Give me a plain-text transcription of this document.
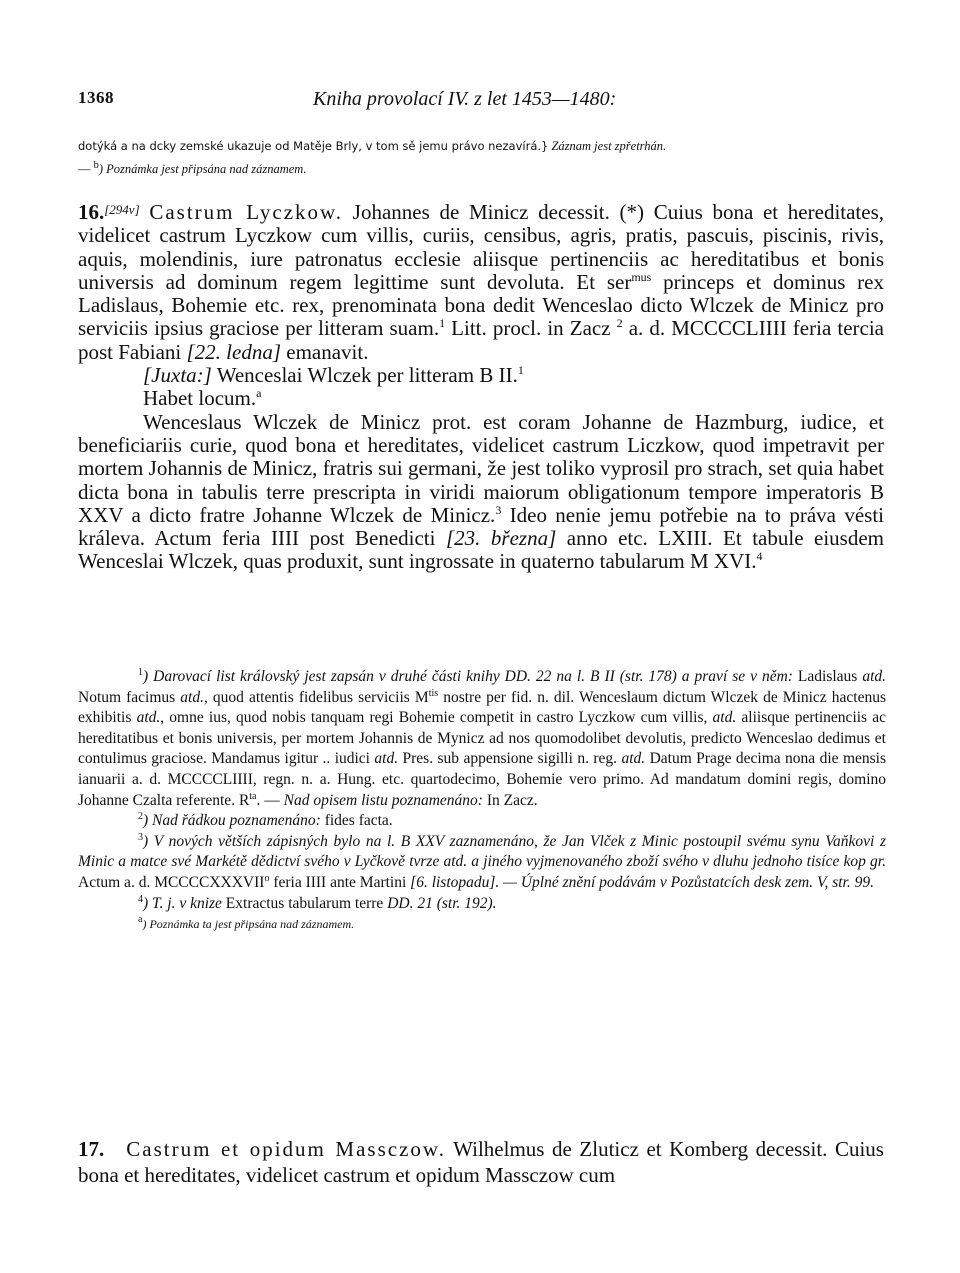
1368	Kniha provolací IV. z let 1453—1480:
dotýká a na dcky zemské ukazuje od Matěje Brly, v tom sě jemu právo nezavírá.} Záznam jest zpřetrhán.
— $^b$) Poznámka jest připsána nad záznamem.

16.[294v] Castrum Lyczkow. Johannes de Minicz decessit. (*) Cuius bona et hereditates, videlicet castrum Lyczkow cum villis, curiis, censibus, agris, pratis, pascuis, piscinis, rivis, aquis, molendinis, iure patronatus ecclesie aliisque pertinenciis ac hereditatibus et bonis universis ad dominum regem legittime sunt devoluta. Et ser$^{mus}$ princeps et dominus rex Ladislaus, Bohemie etc. rex, prenominata bona dedit Wenceslao dicto Wlczek de Minicz pro serviciis ipsius graciose per litteram suam.$^1$ Litt. procl. in Zacz $^2$ a. d. MCCCCLIIII feria tercia post Fabiani [22. ledna] emanavit.

[Juxta:] Wenceslai Wlczek per litteram B II.$^1$

Habet locum.$^a$

Wenceslaus Wlczek de Minicz prot. est coram Johanne de Hazmburg, iudice, et beneficiariis curie, quod bona et hereditates, videlicet castrum Liczkow, quod impetravit per mortem Johannis de Minicz, fratris sui germani, že jest toliko vyprosil pro strach, set quia habet dicta bona in tabulis terre prescripta in viridi maiorum obligationum tempore imperatoris B XXV a dicto fratre Johanne Wlczek de Minicz.$^3$ Ideo nenie jemu potřebie na to práva vésti králeva. Actum feria IIII post Benedicti [23. března] anno etc. LXIII. Et tabule eiusdem Wenceslai Wlczek, quas produxit, sunt ingrossate in quaterno tabularum M XVI.$^4$

$^1$) Darovací list královský jest zapsán v druhé části knihy DD. 22 na l. B II (str. 178) a praví se v něm: Ladislaus atd. Notum facimus atd., quod attentis fidelibus serviciis $M^{tis}$ nostre per fid. n. dil. Wenceslaum dictum Wlczek de Minicz hactenus exhibitis atd., omne ius, quod nobis tanquam regi Bohemie competit in castro Lyczkow cum villis, atd. aliisque pertinenciis ac hereditatibus et bonis universis, per mortem Johannis de Mynicz ad nos quomodolibet devolutis, predicto Wenceslao dedimus et contulimus graciose. Mandamus igitur .. iudici atd. Pres. sub appensione sigilli n. reg. atd. Datum Prage decima nona die mensis ianuarii a. d. MCCCCLIIII, regn. n. a. Hung. etc. quartodecimo, Bohemie vero primo. Ad mandatum domini regis, domino Johanne Czalta referente. $R^{ta}$. — Nad opisem listu poznamenáno: In Zacz.

$^2$) Nad řádkou poznamenáno: fides facta.

$^3$) V nových větších zápisných bylo na l. B XXV zaznamenáno, že Jan Vlček z Minic postoupil svému synu Vaňkovi z Minic a matce své Markétě dědictví svého v Lyčkově tvrze atd. a jiného vyjmenovaného zboží svého v dluhu jednoho tisíce kop gr. Actum a. d. MCCCCXXXVII$^o$ feria IIII ante Martini [6. listopadu]. — Úplné znění podávám v Pozůstatcích desk zem. V, str. 99.

$^4$) T. j. v knize Extractus tabularum terre DD. 21 (str. 192).

$^a$) Poznámka ta jest připsána nad záznamem.

17. Castrum et opidum Massczow. Wilhelmus de Zluticz et Komberg decessit. Cuius bona et hereditates, videlicet castrum et opidum Massczow cum
